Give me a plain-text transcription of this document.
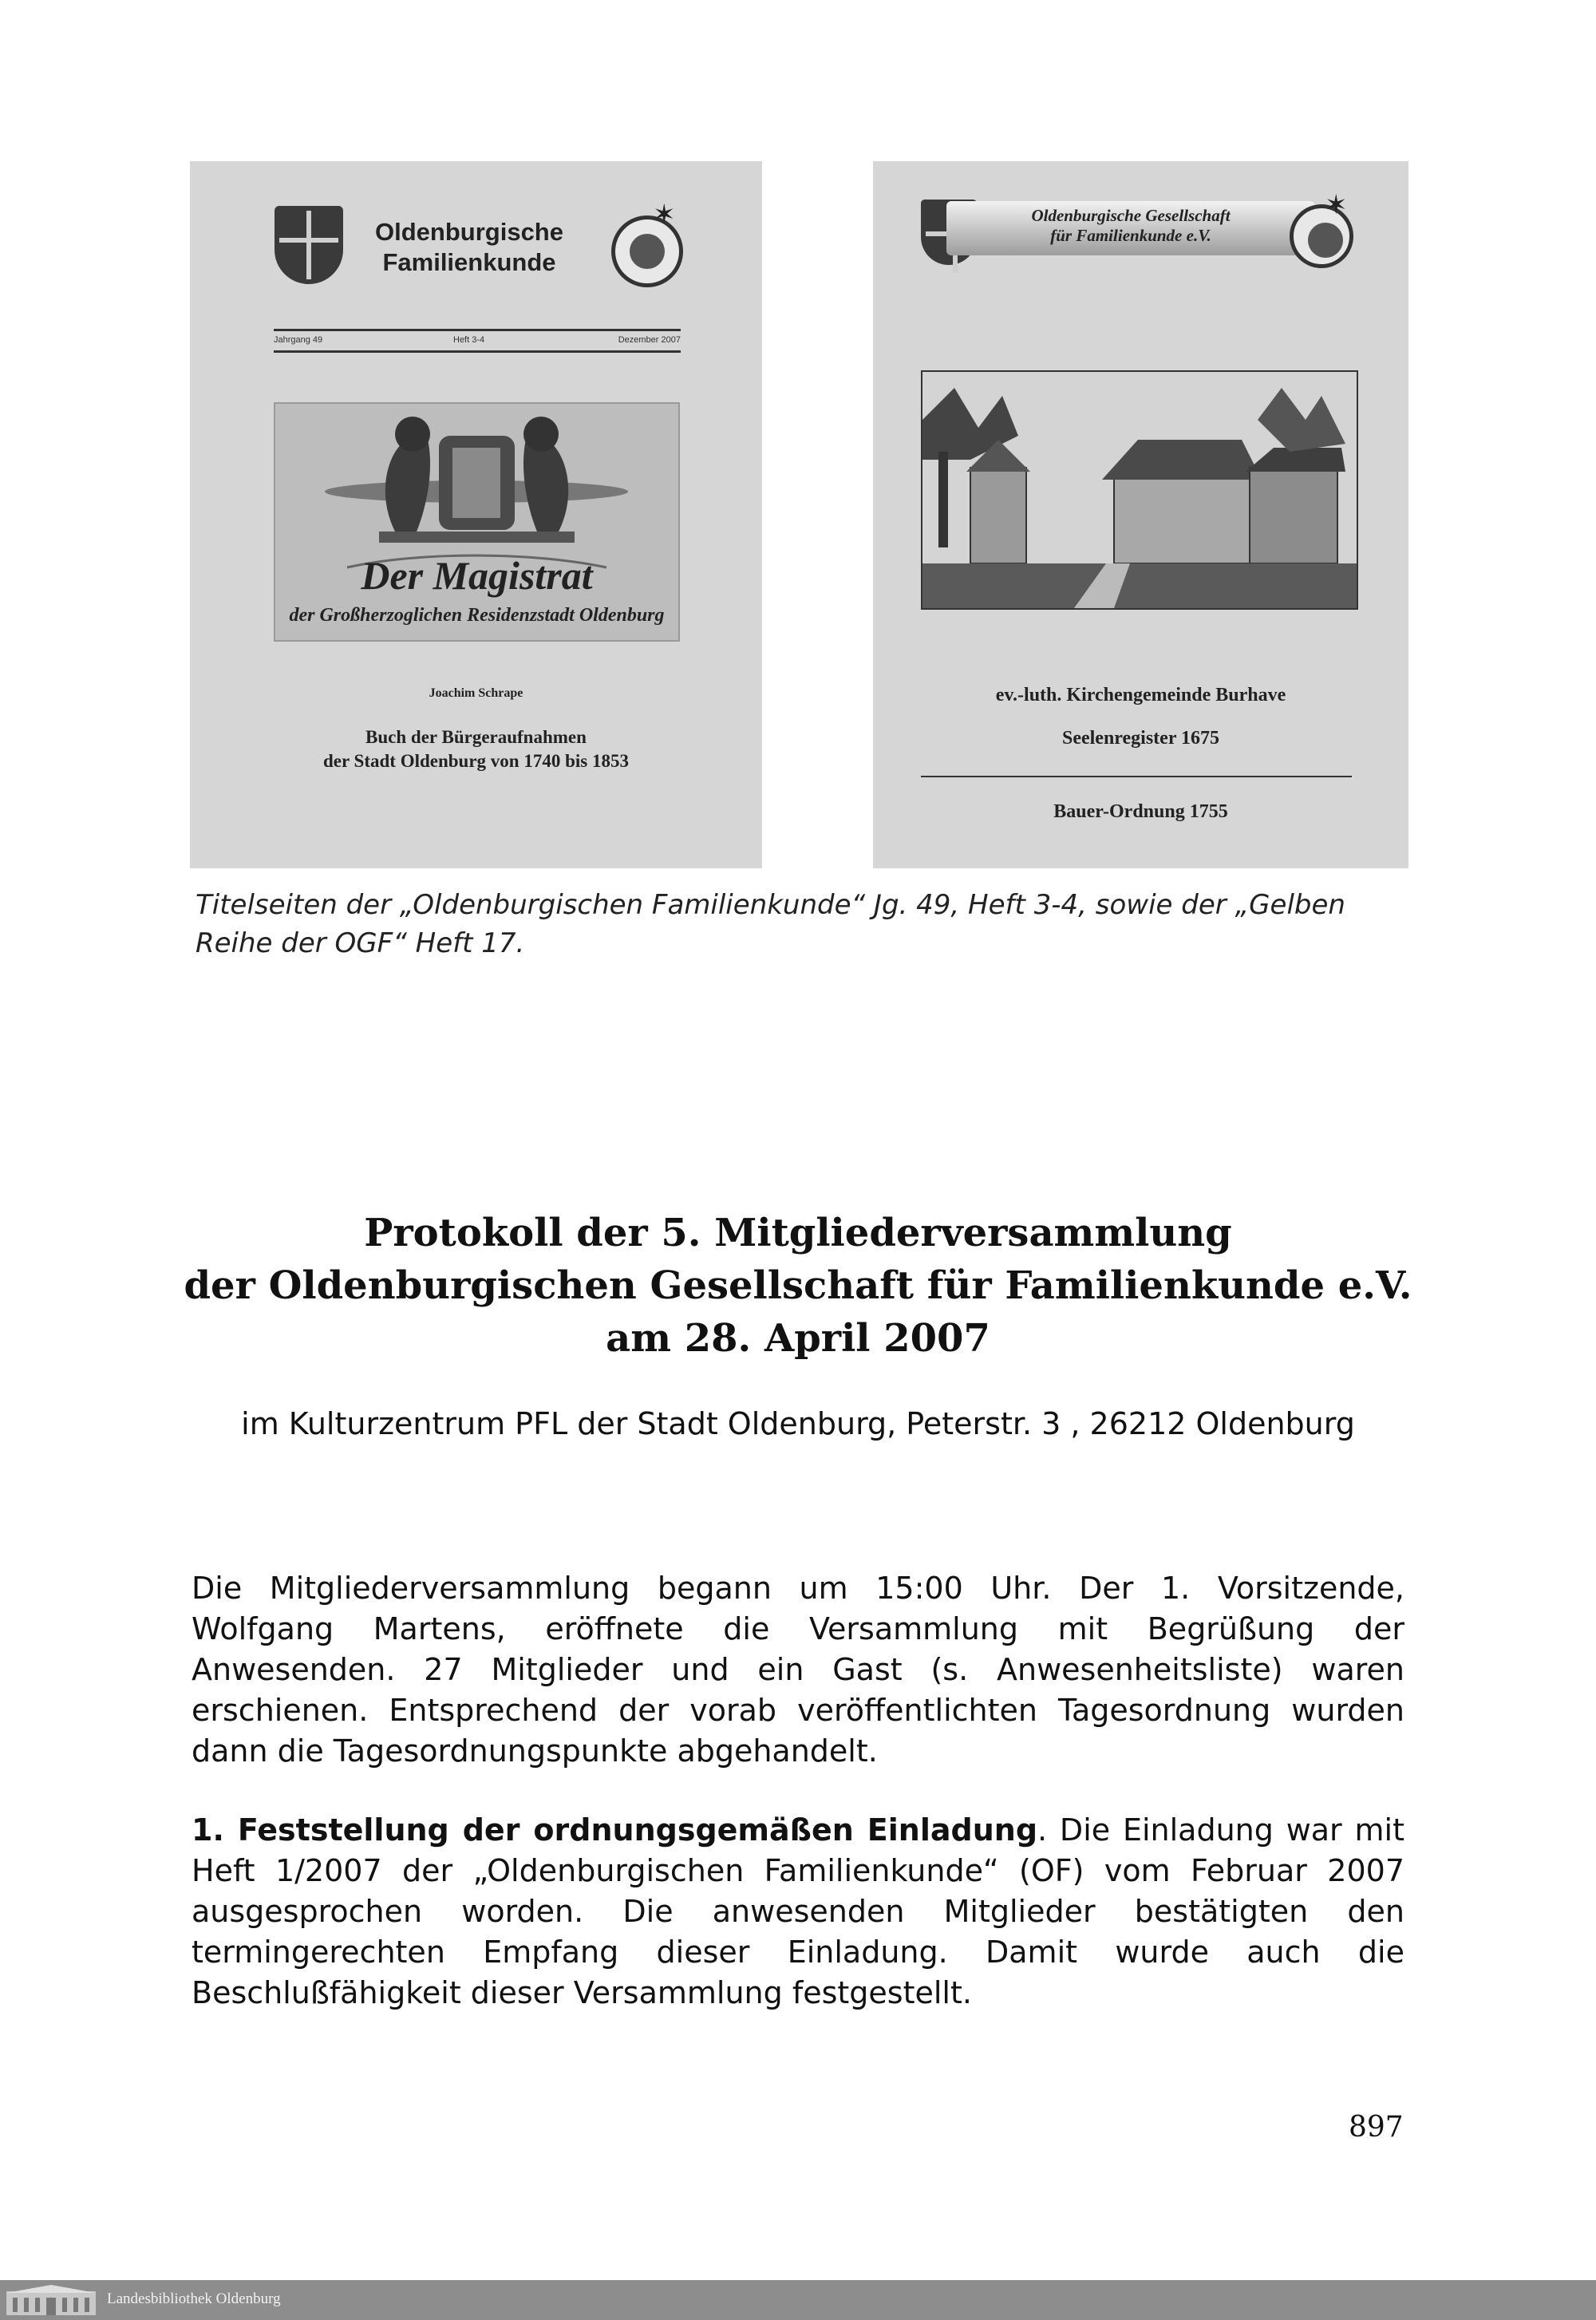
Oldenburgische
Familienkunde
✶
Jahrgang 49	Heft 3-4	Dezember 2007
Der Magistrat
der Großherzoglichen Residenzstadt Oldenburg
Joachim Schrape
Buch der Bürgeraufnahmen
der Stadt Oldenburg von 1740 bis 1853
Oldenburgische Gesellschaft
für Familienkunde e.V.
✶
ev.-luth. Kirchengemeinde Burhave
Seelenregister 1675
Bauer-Ordnung 1755

Titelseiten der „Oldenburgischen Familienkunde“ Jg. 49, Heft 3-4, sowie der „Gelben Reihe der OGF“ Heft 17.

Protokoll der 5. Mitgliederversammlung
der Oldenburgischen Gesellschaft für Familienkunde e.V.
am 28. April 2007
im Kulturzentrum PFL der Stadt Oldenburg, Peterstr. 3 , 26212 Oldenburg

Die Mitgliederversammlung begann um 15:00 Uhr. Der 1. Vorsitzende, Wolfgang Martens, eröffnete die Versammlung mit Begrüßung der Anwesenden. 27 Mitglieder und ein Gast (s. Anwesenheitsliste) waren erschienen. Entsprechend der vorab veröffentlichten Tagesordnung wurden dann die Tagesordnungspunkte abgehandelt.

1. Feststellung der ordnungsgemäßen Einladung. Die Einladung war mit Heft 1/2007 der „Oldenburgischen Familienkunde“ (OF) vom Februar 2007 ausgesprochen worden. Die anwesenden Mitglieder bestätigten den termingerechten Empfang dieser Einladung. Damit wurde auch die Beschlußfähigkeit dieser Versammlung festgestellt.

897
Landesbibliothek Oldenburg
